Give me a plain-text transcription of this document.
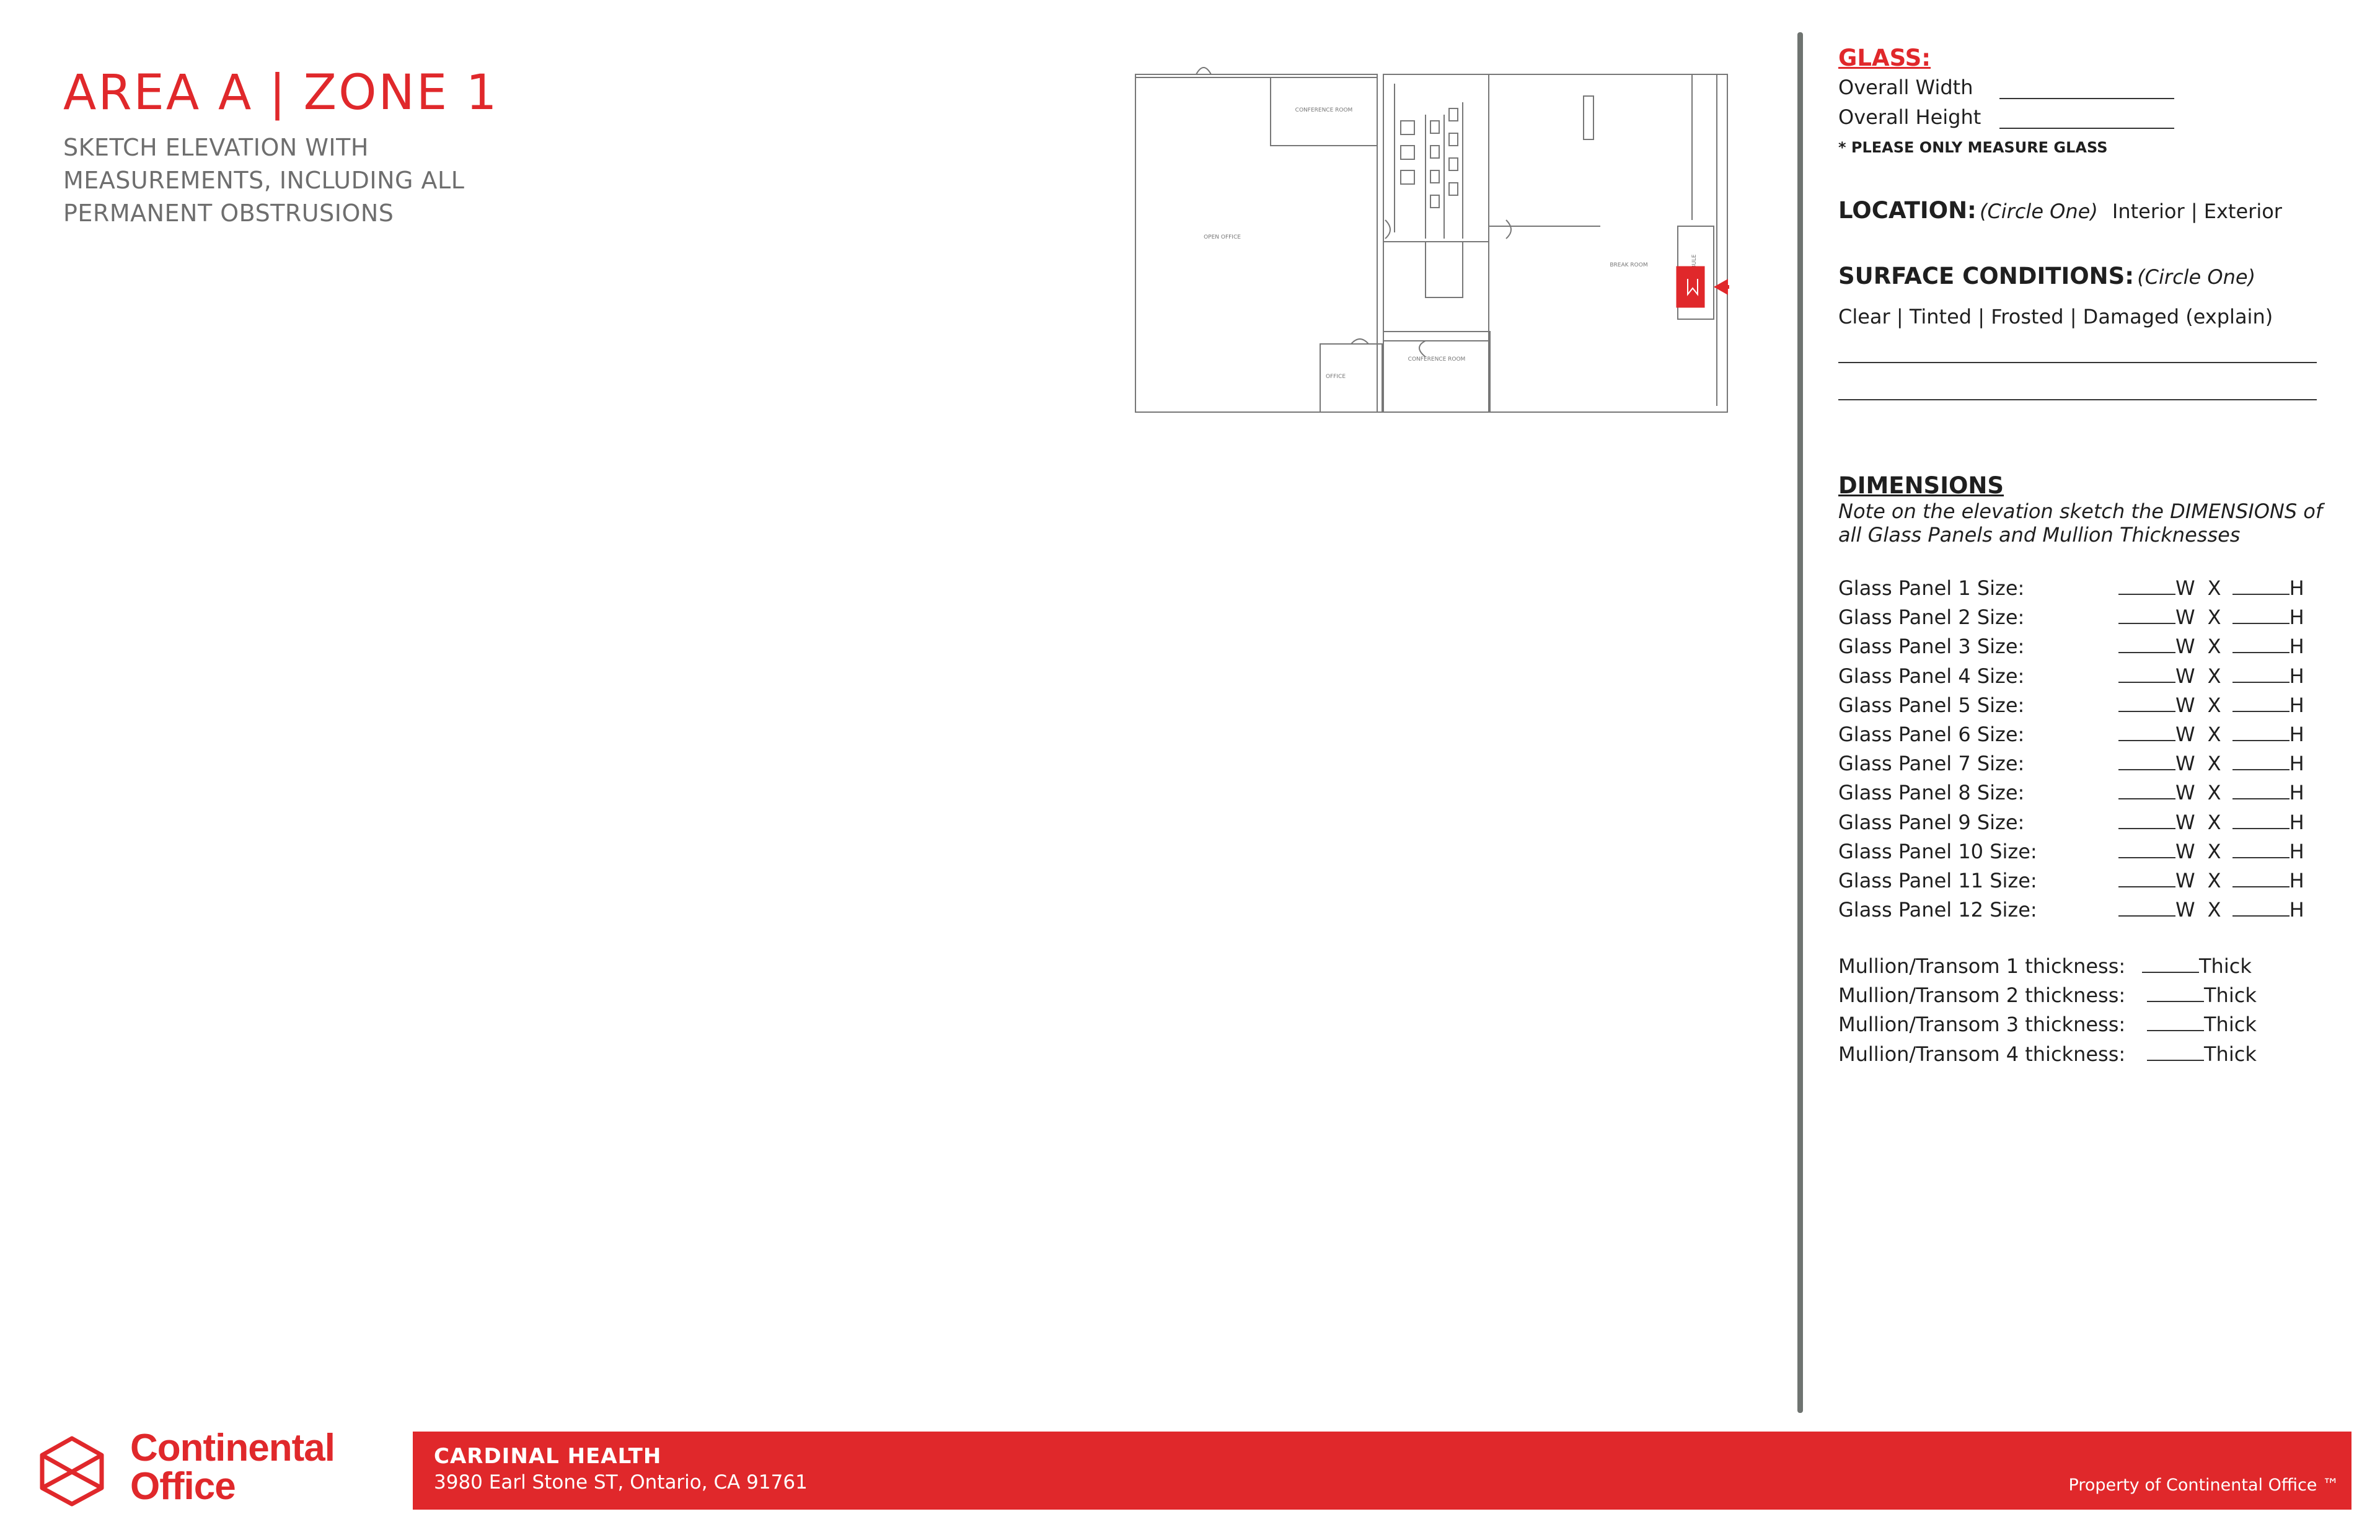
AREA A | ZONE 1
SKETCH ELEVATION WITH
MEASUREMENTS, INCLUDING ALL
PERMANENT OBSTRUSIONS
CONFERENCE ROOM
OPEN OFFICE
BREAK ROOM
CONFERENCE ROOM
OFFICE
GLASS:
Overall Width
Overall Height
* PLEASE ONLY MEASURE GLASS
LOCATION: (Circle One) Interior | Exterior
SURFACE CONDITIONS: (Circle One)
Clear | Tinted | Frosted | Damaged (explain)
DIMENSIONS
Note on the elevation sketch the DIMENSIONS of
all Glass Panels and Mullion Thicknesses
Glass Panel 1 Size:	W X	H
Glass Panel 2 Size:	W X	H
Glass Panel 3 Size:	W X	H
Glass Panel 4 Size:	W X	H
Glass Panel 5 Size:	W X	H
Glass Panel 6 Size:	W X	H
Glass Panel 7 Size:	W X	H
Glass Panel 8 Size:	W X	H
Glass Panel 9 Size:	W X	H
Glass Panel 10 Size:	W X	H
Glass Panel 11 Size:	W X	H
Glass Panel 12 Size:	W X	H
Mullion/Transom 1 thickness:	Thick
Mullion/Transom 2 thickness:	Thick
Mullion/Transom 3 thickness:	Thick
Mullion/Transom 4 thickness:	Thick
Continental
Office
CARDINAL HEALTH
3980 Earl Stone ST, Ontario, CA 91761	Property of Continental Office ™
